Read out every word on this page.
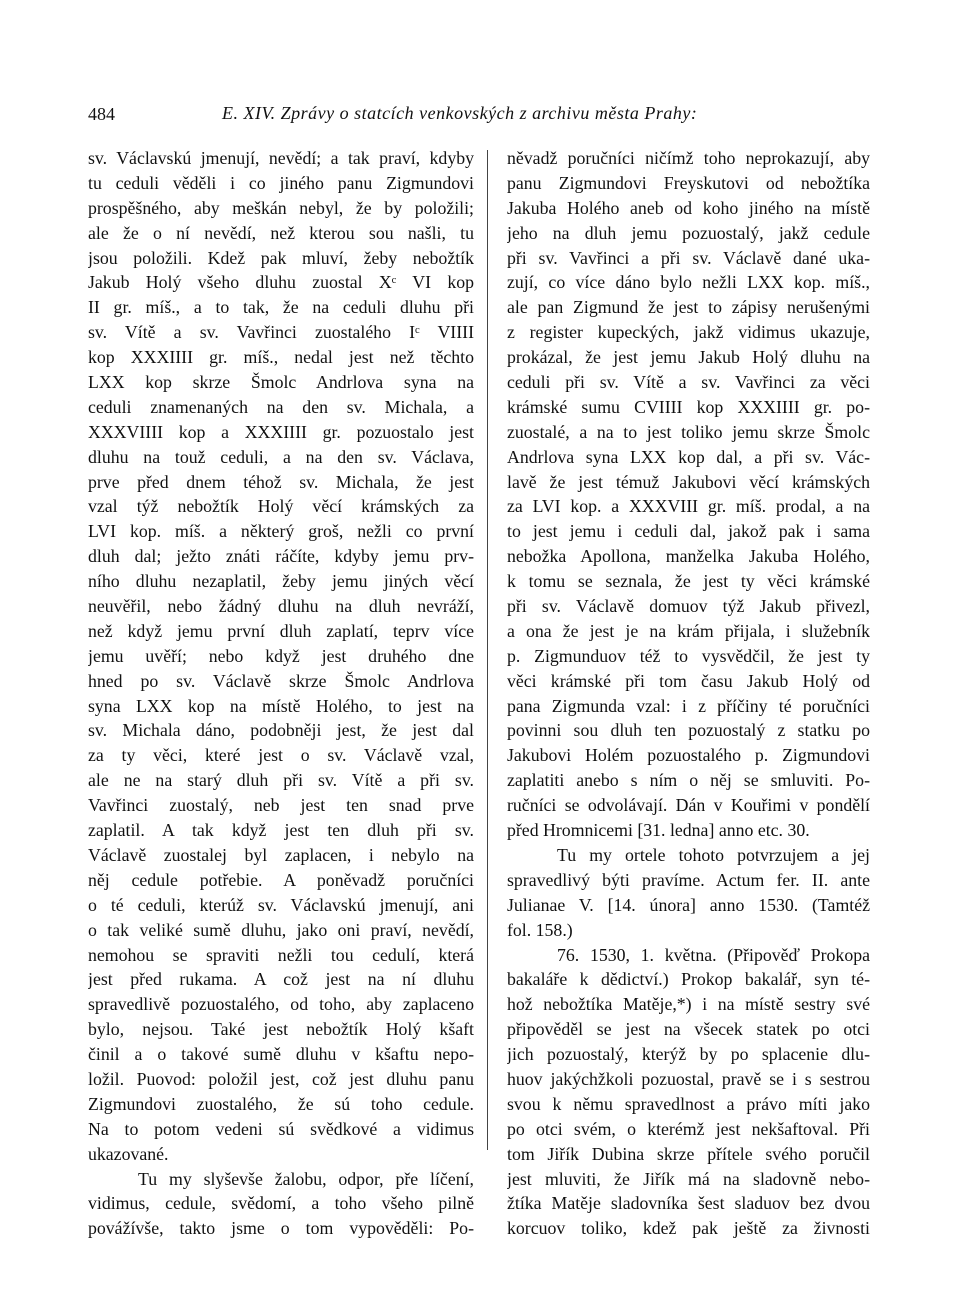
484	E. XIV. Zprávy o statcích venkovských z archivu města Prahy:
sv. Václavskú jmenují, nevědí; a tak praví, kdyby
tu ceduli věděli i co jiného panu Zigmundovi
prospěšného, aby meškán nebyl, že by položili;
ale že o ní nevědí, než kterou sou našli, tu
jsou položili. Kdež pak mluví, žeby nebožtík
Jakub Holý všeho dluhu zuostal Xᶜ VI kop
II gr. míš., a to tak, že na ceduli dluhu při
sv. Vítě a sv. Vavřinci zuostalého Iᶜ VIIII
kop XXXIIII gr. míš., nedal jest než těchto
LXX kop skrze Šmolc Andrlova syna na
ceduli znamenaných na den sv. Michala, a
XXXVIIII kop a XXXIIII gr. pozuostalo jest
dluhu na touž ceduli, a na den sv. Václava,
prve před dnem téhož sv. Michala, že jest
vzal týž nebožtík Holý věcí krámských za
LVI kop. míš. a některý groš, nežli co první
dluh dal; ježto znáti ráčíte, kdyby jemu prv-
ního dluhu nezaplatil, žeby jemu jiných věcí
neuvěřil, nebo žádný dluhu na dluh nevráží,
než když jemu první dluh zaplatí, teprv více
jemu uvěří; nebo když jest druhého dne
hned po sv. Václavě skrze Šmolc Andrlova
syna LXX kop na místě Holého, to jest na
sv. Michala dáno, podobněji jest, že jest dal
za ty věci, které jest o sv. Václavě vzal,
ale ne na starý dluh při sv. Vítě a při sv.
Vavřinci zuostalý, neb jest ten snad prve
zaplatil. A tak když jest ten dluh při sv.
Václavě zuostalej byl zaplacen, i nebylo na
něj cedule potřebie. A poněvadž poručníci
o té ceduli, kterúž sv. Václavskú jmenují, ani
o tak veliké sumě dluhu, jako oni praví, nevědí,
nemohou se spraviti nežli tou cedulí, která
jest před rukama. A což jest na ní dluhu
spravedlivě pozuostalého, od toho, aby zaplaceno
bylo, nejsou. Také jest nebožtík Holý kšaft
činil a o takové sumě dluhu v kšaftu nepo-
ložil. Puovod: položil jest, což jest dluhu panu
Zigmundovi zuostalého, že sú toho cedule.
Na to potom vedeni sú svědkové a vidimus
ukazované.
Tu my slyševše žalobu, odpor, pře líčení,
vidimus, cedule, svědomí, a toho všeho pilně
povážívše, takto jsme o tom vypověděli: Po-
něvadž poručníci ničímž toho neprokazují, aby
panu Zigmundovi Freyskutovi od nebožtíka
Jakuba Holého aneb od koho jiného na místě
jeho na dluh jemu pozuostalý, jakž cedule
při sv. Vavřinci a při sv. Václavě dané uka-
zují, co více dáno bylo nežli LXX kop. míš.,
ale pan Zigmund že jest to zápisy nerušenými
z register kupeckých, jakž vidimus ukazuje,
prokázal, že jest jemu Jakub Holý dluhu na
ceduli při sv. Vítě a sv. Vavřinci za věci
krámské sumu CVIIII kop XXXIIII gr. po-
zuostalé, a na to jest toliko jemu skrze Šmolc
Andrlova syna LXX kop dal, a při sv. Vác-
lavě že jest témuž Jakubovi věcí krámských
za LVI kop. a XXXVIII gr. míš. prodal, a na
to jest jemu i ceduli dal, jakož pak i sama
nebožka Apollona, manželka Jakuba Holého,
k tomu se seznala, že jest ty věci krámské
při sv. Václavě domuov týž Jakub přivezl,
a ona že jest je na krám přijala, i služebník
p. Zigmunduov též to vysvědčil, že jest ty
věci krámské při tom času Jakub Holý od
pana Zigmunda vzal: i z příčiny té poručníci
povinni sou dluh ten pozuostalý z statku po
Jakubovi Holém pozuostalého p. Zigmundovi
zaplatiti anebo s ním o něj se smluviti. Po-
ručníci se odvolávají. Dán v Kouřimi v pondělí
před Hromnicemi [31. ledna] anno etc. 30.
Tu my ortele tohoto potvrzujem a jej
spravedlivý býti pravíme. Actum fer. II. ante
Julianae V. [14. února] anno 1530. (Tamtéž
fol. 158.)
76. 1530, 1. května. (Připověď Prokopa
bakaláře k dědictví.) Prokop bakalář, syn té-
hož nebožtíka Matěje,*) i na místě sestry své
připověděl se jest na všecek statek po otci
jich pozuostalý, kterýž by po splacenie dlu-
huov jakýchžkoli pozuostal, pravě se i s sestrou
svou k němu spravedlnost a právo míti jako
po otci svém, o kterémž jest nekšaftoval. Při
tom Jiřík Dubina skrze přítele svého poručil
jest mluviti, že Jiřík má na sladovně nebo-
žtíka Matěje sladovníka šest sladuov bez dvou
korcuov toliko, kdež pak ještě za živnosti
